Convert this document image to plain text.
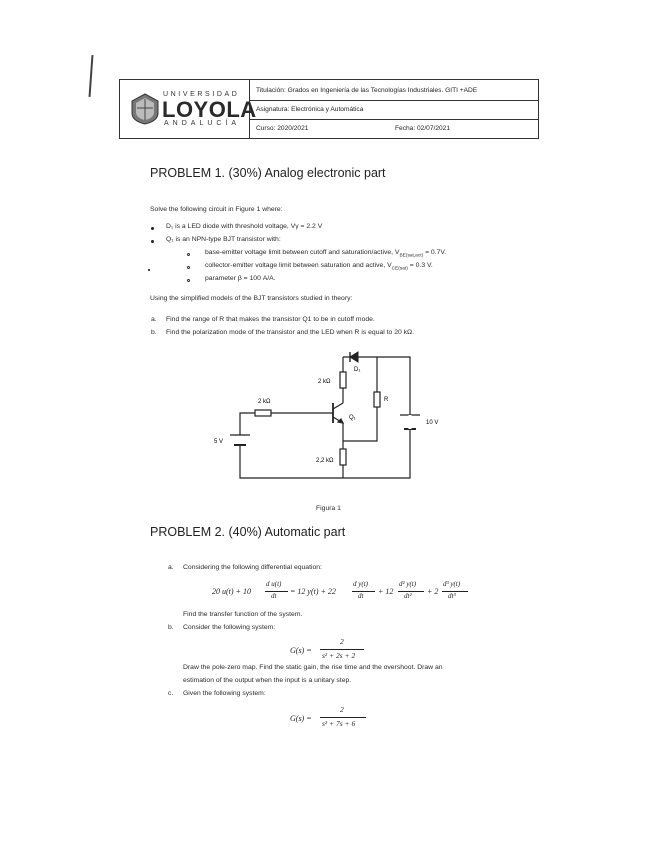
UNIVERSIDAD
LOYOLA
ANDALUCÍA
Titulación: Grados en Ingeniería de las Tecnologías Industriales. GITI +ADE
Asignatura: Electrónica y Automática
Curso: 2020/2021	Fecha: 02/07/2021
PROBLEM 1. (30%) Analog electronic part
Solve the following circuit in Figure 1 where:
D₁ is a LED diode with threshold voltage, Vγ = 2.2 V
Q₁ is an NPN-type BJT transistor with:
base-emitter voltage limit between cutoff and saturation/active, $V_{BE(sat,act)} = 0.7V$.
collector-emitter voltage limit between saturation and active, $V_{CE(sat)} = 0.3$ V.
parameter β = 100 A/A.
Using the simplified models of the BJT transistors studied in theory:
a. Find the range of R that makes the transistor Q1 to be in cutoff mode.
b. Find the polarization mode of the transistor and the LED when R is equal to 20 kΩ.
2 kΩ
2 kΩ
2,2 kΩ
R
D₁
Q₁
5 V
10 V
Figura 1
PROBLEM 2. (40%) Automatic part
a. Considering the following differential equation:
20 u(t) + 10
d u(t)
dt = 12 y(t) + 22
d y(t)
dt + 12
d² y(t)
dt² + 2
d³ y(t)
dt³
Find the transfer function of the system.
b. Consider the following system:
G(s) =
2
s² + 2s + 2
Draw the pole-zero map. Find the static gain, the rise time and the overshoot. Draw an
estimation of the output when the input is a unitary step.
c. Given the following system:
G(s) =
2
s² + 7s + 6
